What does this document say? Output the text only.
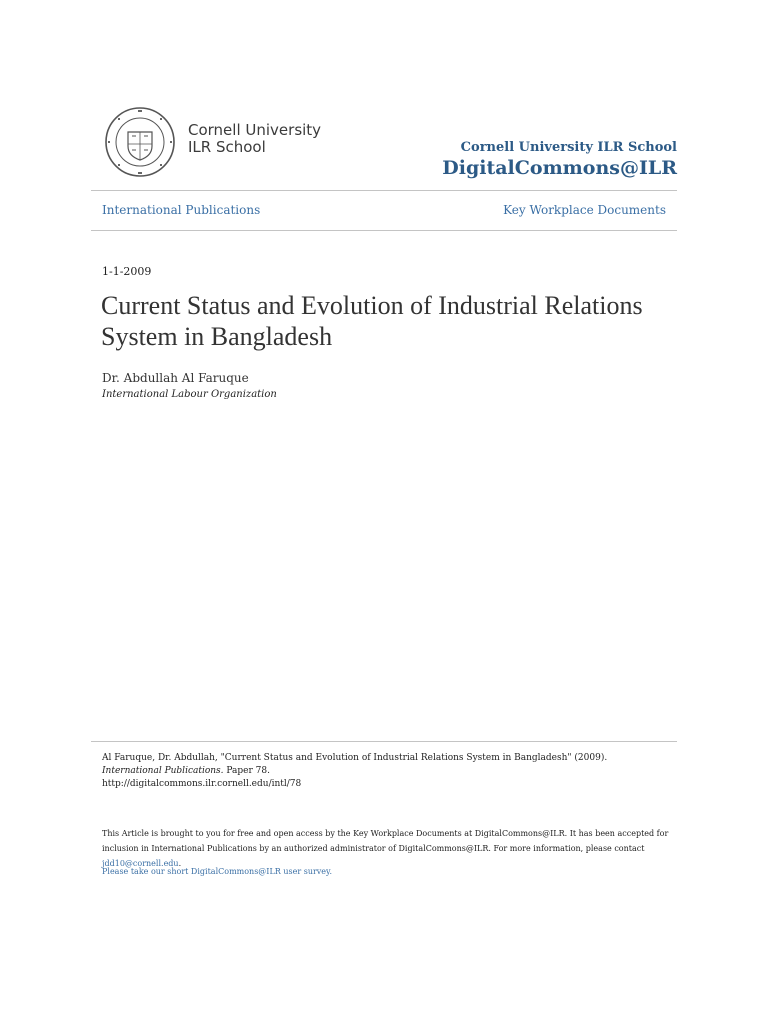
Cornell University
ILR School	Cornell University ILR School
DigitalCommons@ILR
International Publications	Key Workplace Documents
1-1-2009
Current Status and Evolution of Industrial Relations System in Bangladesh
Dr. Abdullah Al Faruque
International Labour Organization
Al Faruque, Dr. Abdullah, "Current Status and Evolution of Industrial Relations System in Bangladesh" (2009). International Publications. Paper 78.
http://digitalcommons.ilr.cornell.edu/intl/78
This Article is brought to you for free and open access by the Key Workplace Documents at DigitalCommons@ILR. It has been accepted for inclusion in International Publications by an authorized administrator of DigitalCommons@ILR. For more information, please contact jdd10@cornell.edu.
Please take our short DigitalCommons@ILR user survey.
